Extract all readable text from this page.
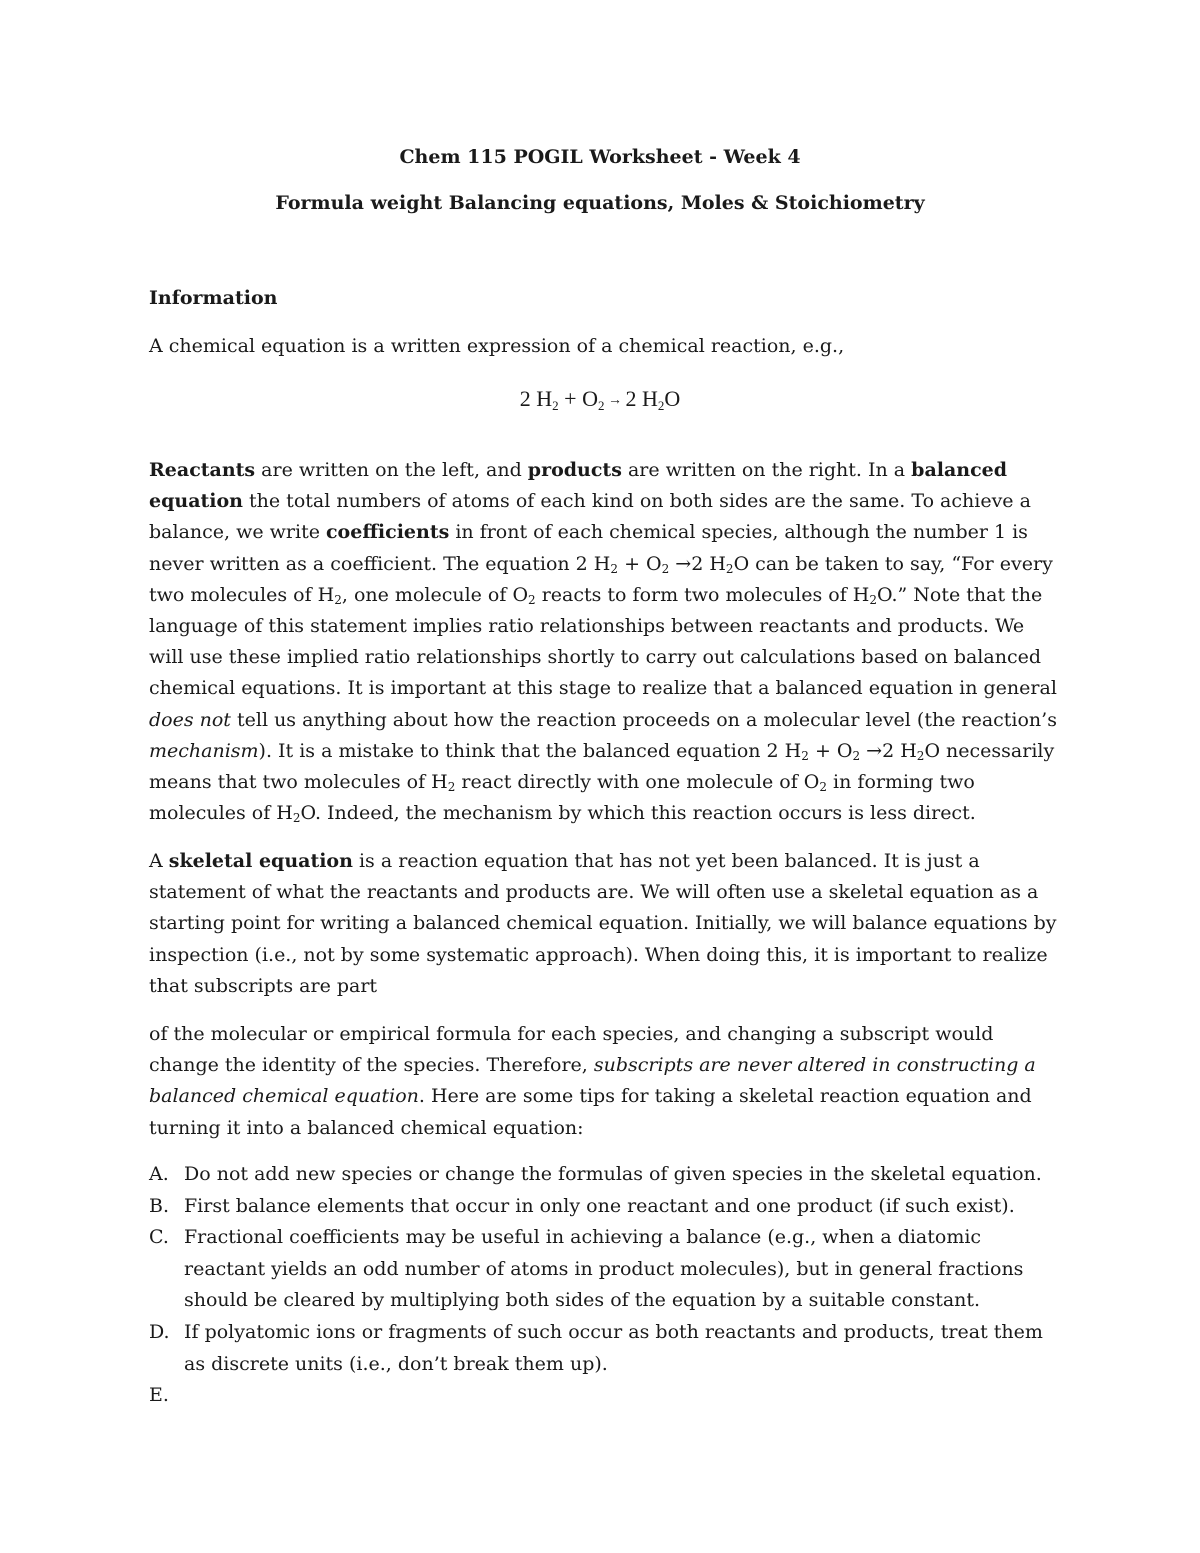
Chem 115 POGIL Worksheet - Week 4
Formula weight Balancing equations, Moles & Stoichiometry
Information

A chemical equation is a written expression of a chemical reaction, e.g.,

2 $H_2 + O_2 \to 2$ $H_2O$

Reactants are written on the left, and products are written on the right. In a balanced equation the total numbers of atoms of each kind on both sides are the same. To achieve a balance, we write coefficients in front of each chemical species, although the number 1 is never written as a coefficient. The equation 2 $H_2 + O_2 \to 2$ $H_2O$ can be taken to say, “For every two molecules of $H_2$, one molecule of $O_2$ reacts to form two molecules of $H_2O$.” Note that the language of this statement implies ratio relationships between reactants and products. We will use these implied ratio relationships shortly to carry out calculations based on balanced chemical equations. It is important at this stage to realize that a balanced equation in general does not tell us anything about how the reaction proceeds on a molecular level (the reaction’s mechanism). It is a mistake to think that the balanced equation 2 $H_2 + O_2 \to 2$ $H_2O$ necessarily means that two molecules of $H_2$ react directly with one molecule of $O_2$ in forming two molecules of $H_2O$. Indeed, the mechanism by which this reaction occurs is less direct.

A skeletal equation is a reaction equation that has not yet been balanced. It is just a statement of what the reactants and products are. We will often use a skeletal equation as a starting point for writing a balanced chemical equation. Initially, we will balance equations by inspection (i.e., not by some systematic approach). When doing this, it is important to realize that subscripts are part

of the molecular or empirical formula for each species, and changing a subscript would change the identity of the species. Therefore, subscripts are never altered in constructing a balanced chemical equation. Here are some tips for taking a skeletal reaction equation and turning it into a balanced chemical equation:

A. Do not add new species or change the formulas of given species in the skeletal equation.
B. First balance elements that occur in only one reactant and one product (if such exist).
C. Fractional coefficients may be useful in achieving a balance (e.g., when a diatomic reactant yields an odd number of atoms in product molecules), but in general fractions should be cleared by multiplying both sides of the equation by a suitable constant.
D. If polyatomic ions or fragments of such occur as both reactants and products, treat them as discrete units (i.e., don’t break them up).
E.
